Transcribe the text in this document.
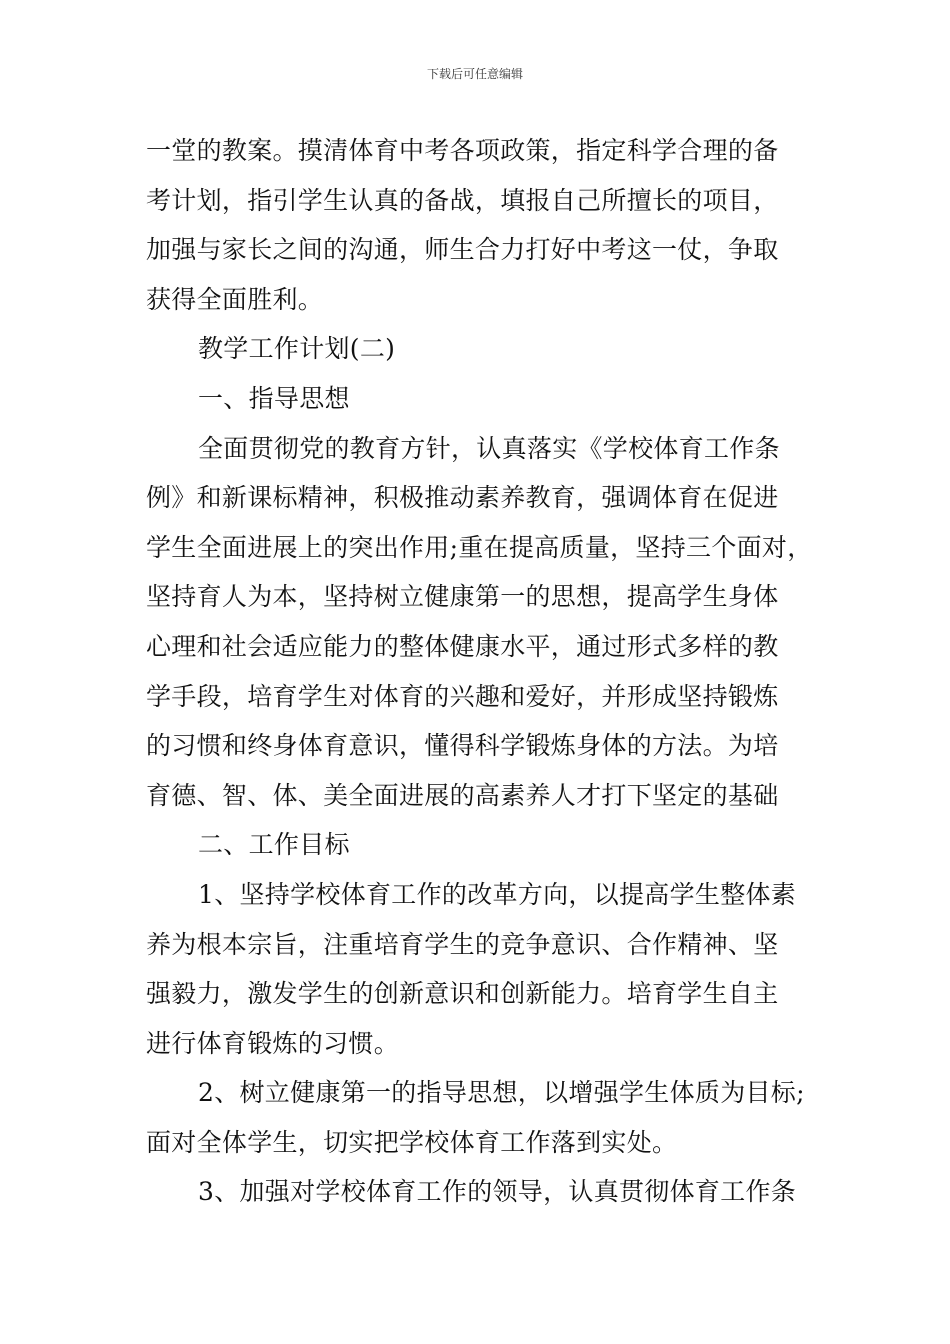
下载后可任意编辑
一堂的教案。摸清体育中考各项政策，指定科学合理的备
考计划，指引学生认真的备战，填报自己所擅长的项目，
加强与家长之间的沟通，师生合力打好中考这一仗，争取
获得全面胜利。
教学工作计划(二)
一、指导思想
全面贯彻党的教育方针，认真落实《学校体育工作条
例》和新课标精神，积极推动素养教育，强调体育在促进
学生全面进展上的突出作用;重在提高质量，坚持三个面对，
坚持育人为本，坚持树立健康第一的思想，提高学生身体
心理和社会适应能力的整体健康水平，通过形式多样的教
学手段，培育学生对体育的兴趣和爱好，并形成坚持锻炼
的习惯和终身体育意识，懂得科学锻炼身体的方法。为培
育德、智、体、美全面进展的高素养人才打下坚定的基础
二、工作目标
1、坚持学校体育工作的改革方向，以提高学生整体素
养为根本宗旨，注重培育学生的竞争意识、合作精神、坚
强毅力，激发学生的创新意识和创新能力。培育学生自主
进行体育锻炼的习惯。
2、树立健康第一的指导思想，以增强学生体质为目标;
面对全体学生，切实把学校体育工作落到实处。
3、加强对学校体育工作的领导，认真贯彻体育工作条
